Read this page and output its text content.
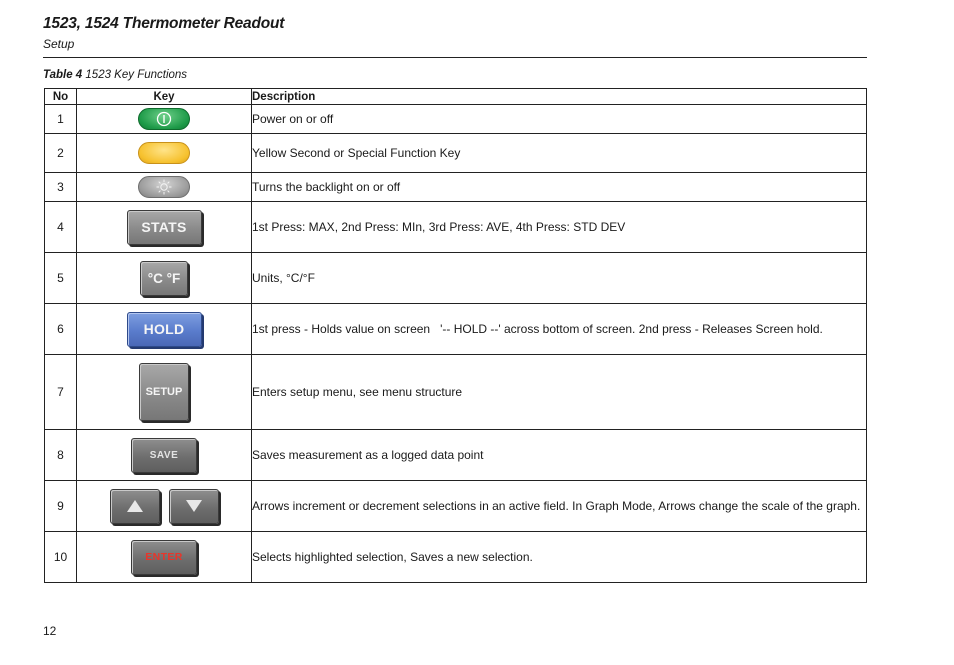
1523, 1524 Thermometer Readout
Setup
Table 4 1523 Key Functions
No	Key	Description
1		Power on or off
2		Yellow Second or Special Function Key
3		Turns the backlight on or off
4	STATS	1st Press: MAX, 2nd Press: MIn, 3rd Press: AVE, 4th Press: STD DEV
5	°C °F	Units, °C/°F
6	HOLD	1st press - Holds value on screen   '-- HOLD --' across bottom of screen. 2nd press - Releases Screen hold.
7	SETUP	Enters setup menu, see menu structure
8	SAVE	Saves measurement as a logged data point
9		Arrows increment or decrement selections in an active field. In Graph Mode, Arrows change the scale of the graph.
10	ENTER	Selects highlighted selection, Saves a new selection.
12
